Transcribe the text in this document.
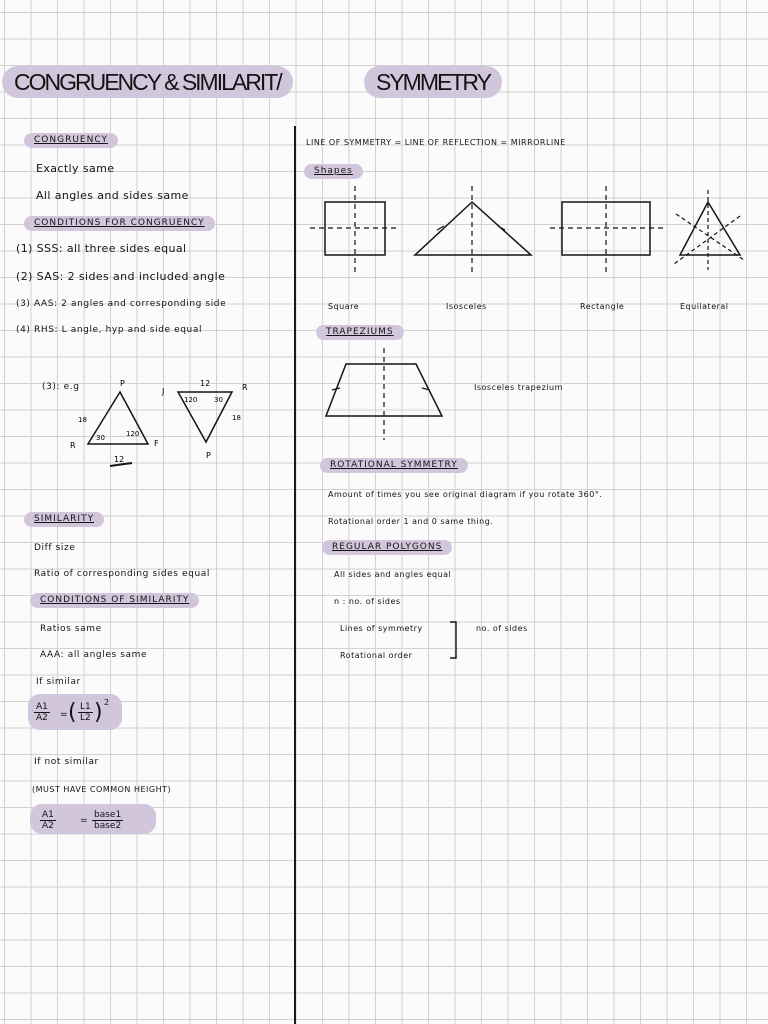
CONGRUENCY & SIMILARIT/	SYMMETRY
CONGRUENCY
Exactly same
All angles and sides same
CONDITIONS FOR CONGRUENCY
(1) SSS: all three sides equal
(2) SAS: 2 sides and included angle
(3) AAS: 2 angles and corresponding side
(4) RHS: L angle, hyp and side equal
(3): e.g	P
R	F
18
30	120
12
J	R
P
12
120 30
18
SIMILARITY
Diff size
Ratio of corresponding sides equal
CONDITIONS OF SIMILARITY
Ratios same
AAA: all angles same
If similar
$\frac{A1}{A2}$ = ( $\frac{L1}{L2}$ ) 2
If not similar
(MUST HAVE COMMON HEIGHT)
$\frac{A1}{A2}$	=
base1
base2
LINE OF SYMMETRY = LINE OF REFLECTION = MIRRORLINE
Shapes
Square	Isosceles	Rectangle	Equilateral
TRAPEZIUMS
Isosceles trapezium
ROTATIONAL SYMMETRY
Amount of times you see original diagram if you rotate 360°.
Rotational order 1 and 0 same thing.
REGULAR POLYGONS
All sides and angles equal
n : no. of sides
Lines of symmetry
Rotational order
no. of sides
